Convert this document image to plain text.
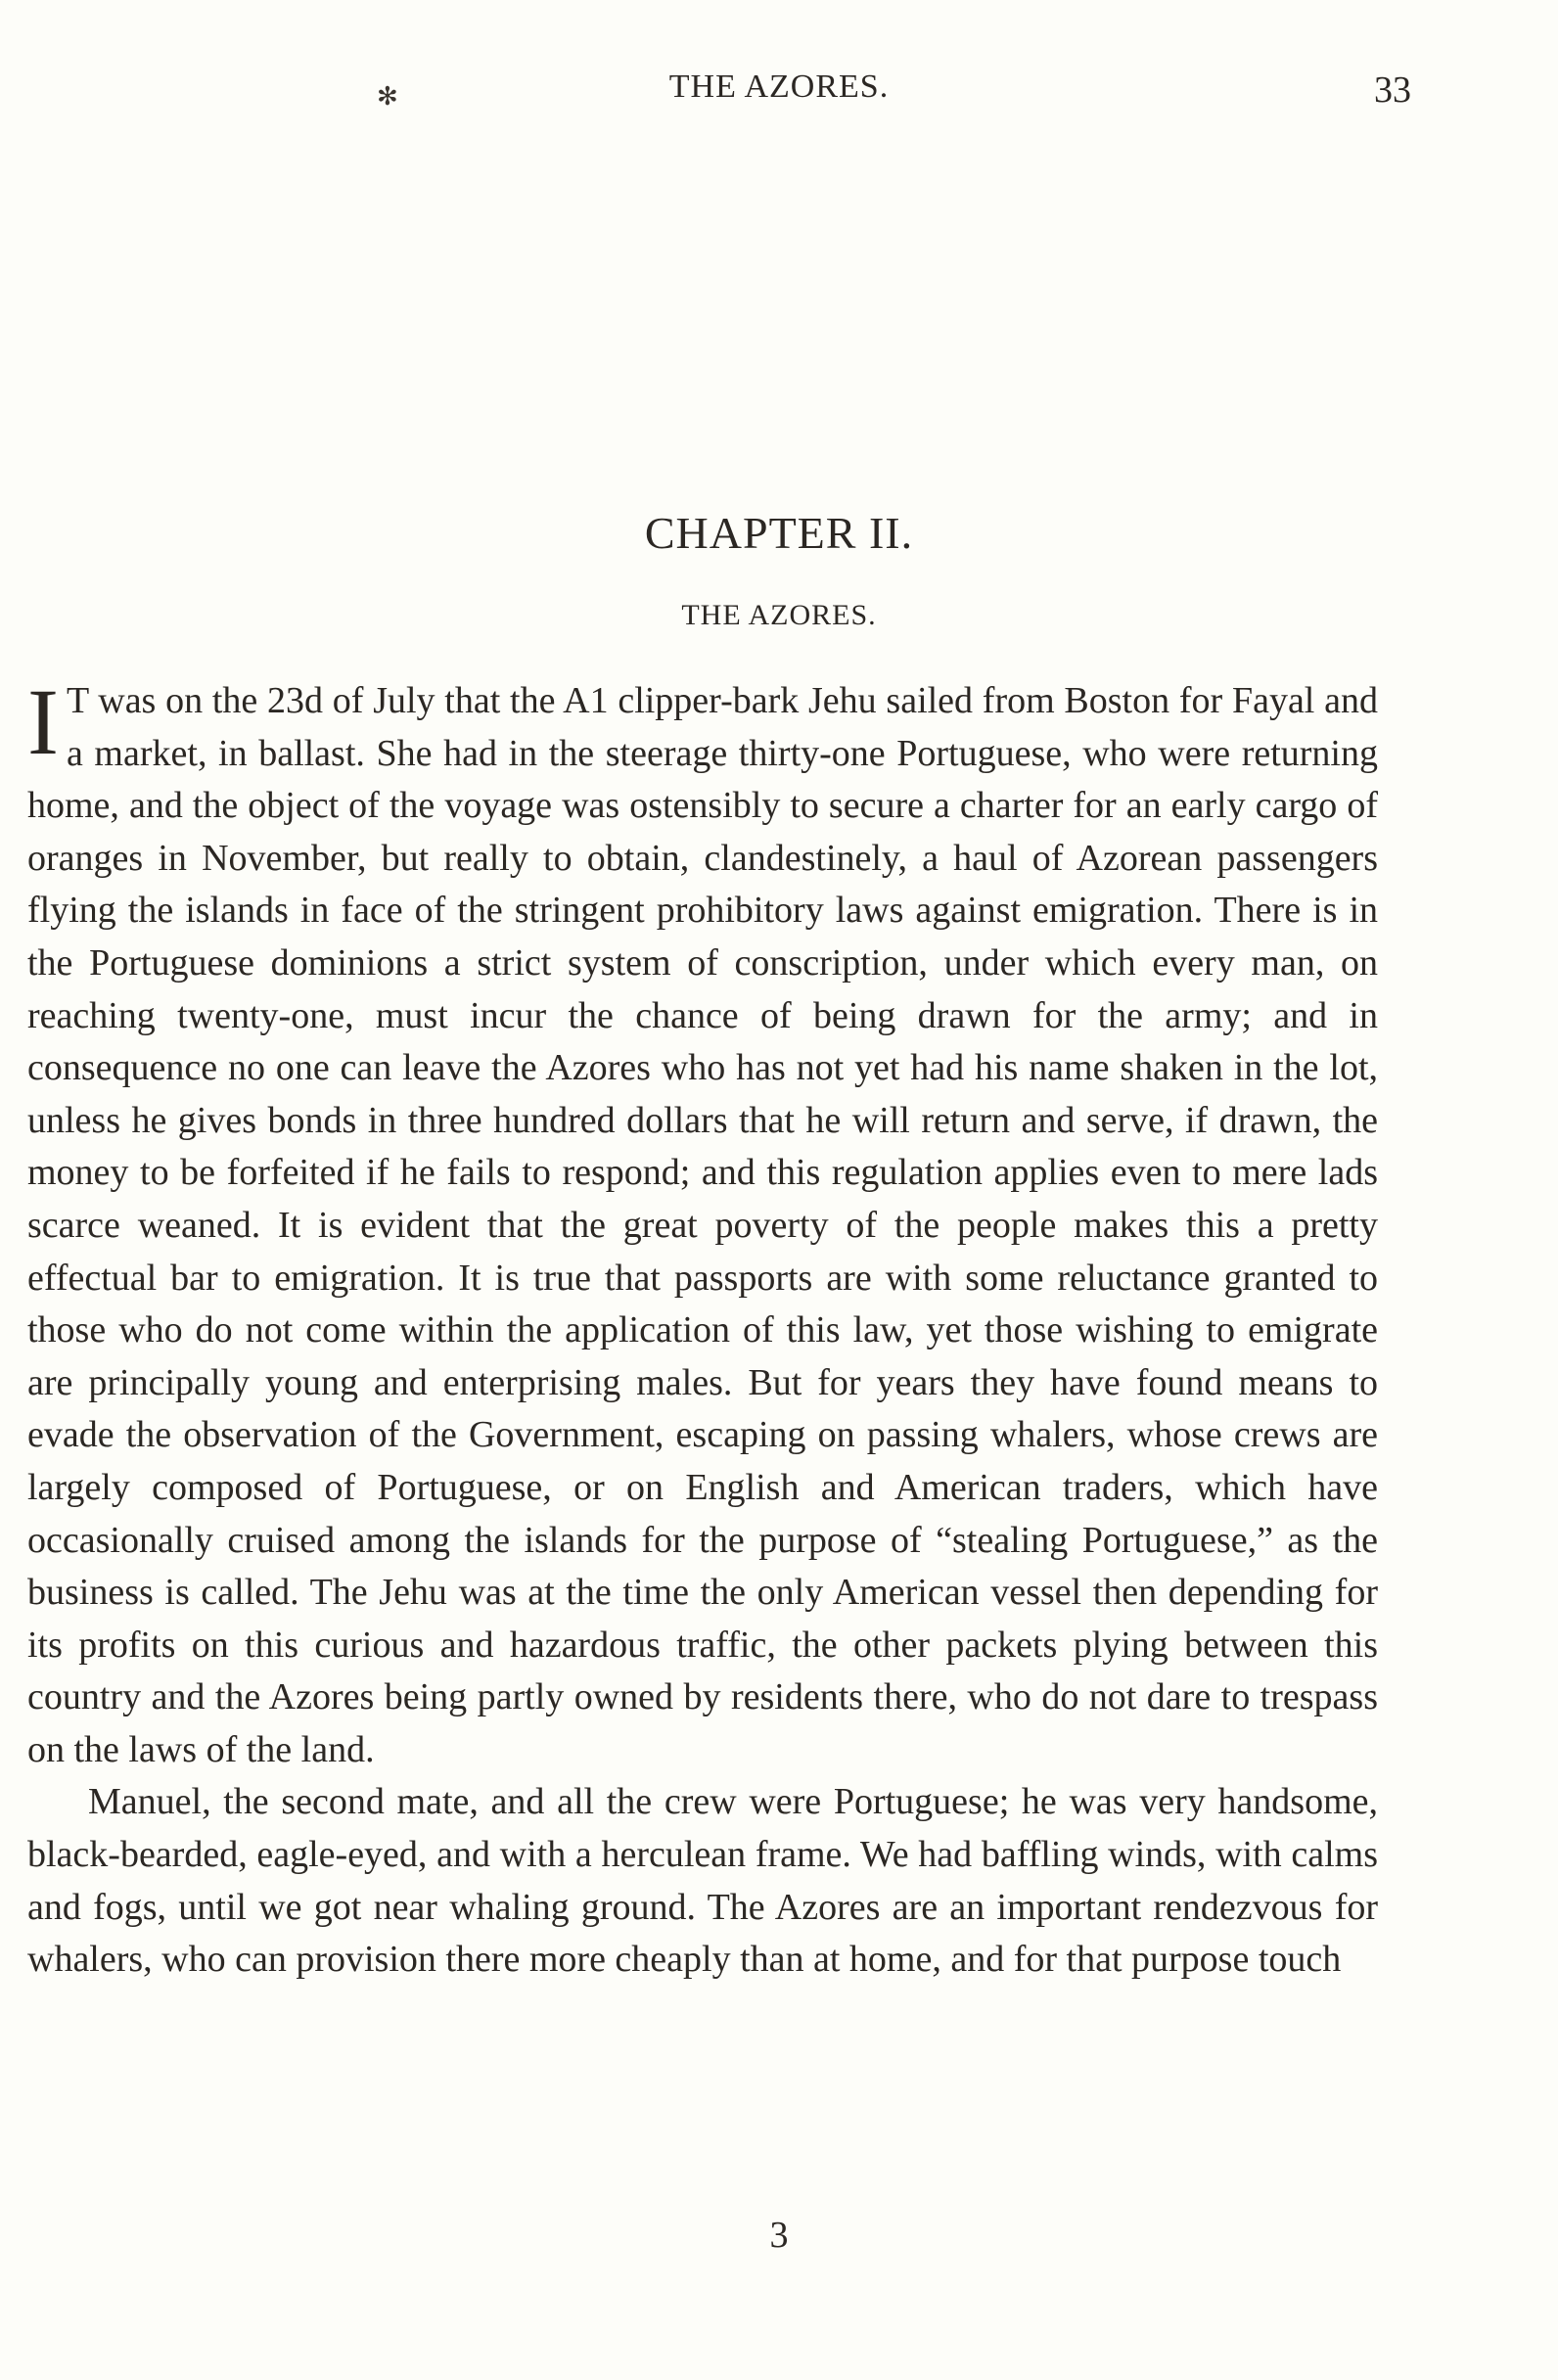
✻	THE AZORES.	33
CHAPTER II.
THE AZORES.

IT was on the 23d of July that the A1 clipper-bark Jehu sailed from Boston for Fayal and a market, in ballast. She had in the steerage thirty-one Portuguese, who were returning home, and the object of the voyage was ostensibly to secure a charter for an early cargo of oranges in November, but really to obtain, clandestinely, a haul of Azorean passengers flying the islands in face of the stringent prohibitory laws against emigration. There is in the Portuguese dominions a strict system of conscription, under which every man, on reaching twenty-one, must incur the chance of being drawn for the army; and in consequence no one can leave the Azores who has not yet had his name shaken in the lot, unless he gives bonds in three hundred dollars that he will return and serve, if drawn, the money to be forfeited if he fails to respond; and this regulation applies even to mere lads scarce weaned. It is evident that the great poverty of the people makes this a pretty effectual bar to emigration. It is true that passports are with some reluctance granted to those who do not come within the application of this law, yet those wishing to emigrate are principally young and enterprising males. But for years they have found means to evade the observation of the Government, escaping on passing whalers, whose crews are largely composed of Portuguese, or on English and American traders, which have occasionally cruised among the islands for the purpose of “stealing Portuguese,” as the business is called. The Jehu was at the time the only American vessel then depending for its profits on this curious and hazardous traffic, the other packets plying between this country and the Azores being partly owned by residents there, who do not dare to trespass on the laws of the land.

Manuel, the second mate, and all the crew were Portuguese; he was very handsome, black-bearded, eagle-eyed, and with a herculean frame. We had baffling winds, with calms and fogs, until we got near whaling ground. The Azores are an important rendezvous for whalers, who can provision there more cheaply than at home, and for that purpose touch

3
